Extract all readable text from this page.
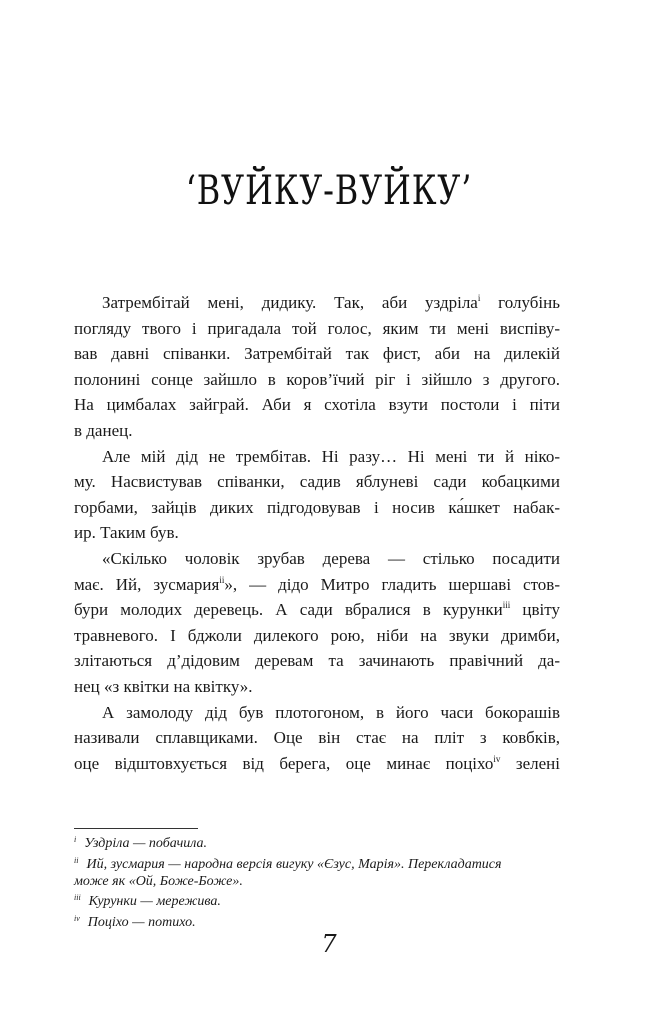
‘ВУЙКУ-ВУЙКУ’
Затрембітай мені, дидику. Так, аби уздріла$^i$ голубінь
погляду твого і пригадала той голос, яким ти мені виспіву-
вав давні співанки. Затрембітай так фист, аби на дилекій
полонині сонце зайшло в коров’їчий ріг і зійшло з другого.
На цимбалах зайграй. Аби я схотіла взути постоли і піти
в данец.
Але мій дід не трембітав. Ні разу… Ні мені ти й ніко-
му. Насвистував співанки, садив яблуневі сади кобацкими
горбами, зайців диких підгодовував і носив ка́шкет набак-
ир. Таким був.
«Скілько чоловік зрубав дерева — стілько посадити
має. Ий, зусмария$^{ii}$», — дідо Митро гладить шершаві стов-
бури молодих деревець. А сади вбралися в курунки$^{iii}$ цвіту
травневого. І бджоли дилекого рою, ніби на звуки дримби,
злітаються д’дідовим деревам та зачинають правічний да-
нец «з квітки на квітку».
А замолоду дід був плотогоном, в його часи бокорашів
називали сплавщиками. Оце він стає на пліт з ковбків,
оце відштовхується від берега, оце минає поціхо$^{iv}$ зелені
$^i$ Уздріла — побачила.
$^{ii}$ Ий, зусмария — народна версія вигуку «Єзус, Марія». Перекладатися
може як «Ой, Боже-Боже».
$^{iii}$ Курунки — мережива.
$^{iv}$ Поціхо — потихо.
7
